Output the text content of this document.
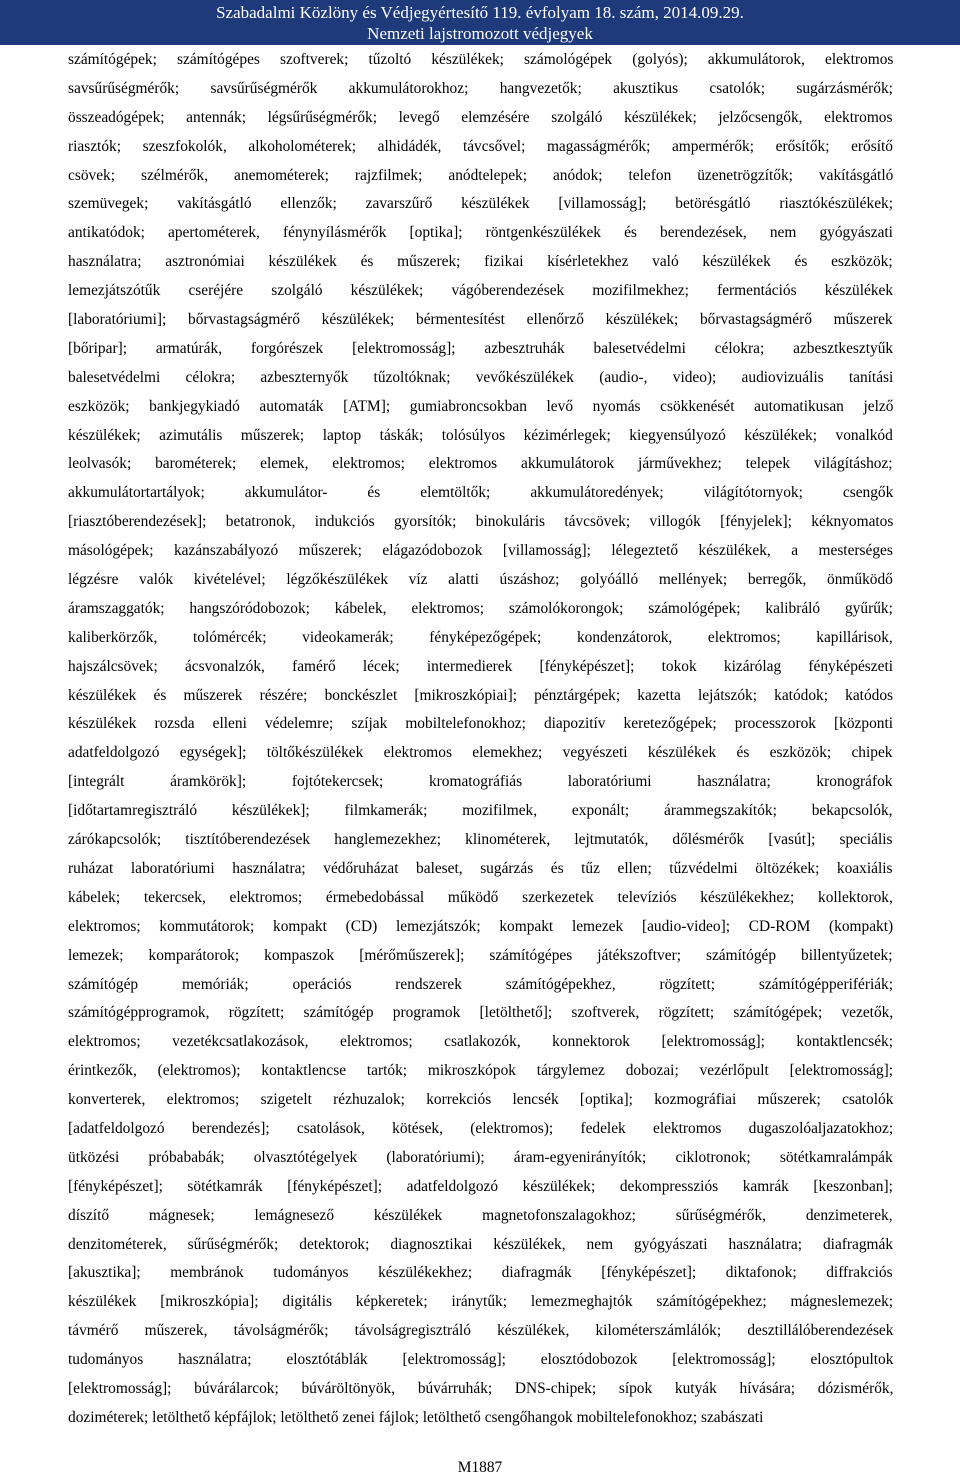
Szabadalmi Közlöny és Védjegyértesítő 119. évfolyam 18. szám, 2014.09.29.
Nemzeti lajstromozott védjegyek
számítógépek; számítógépes szoftverek; tűzoltó készülékek; számológépek (golyós); akkumulátorok, elektromos
savsűrűségmérők; savsűrűségmérők akkumulátorokhoz; hangvezetők; akusztikus csatolók; sugárzásmérők;
összeadógépek; antennák; légsűrűségmérők; levegő elemzésére szolgáló készülékek; jelzőcsengők, elektromos
riasztók; szeszfokolók, alkoholométerek; alhidádék, távcsővel; magasságmérők; ampermérők; erősítők; erősítő
csövek; szélmérők, anemométerek; rajzfilmek; anódtelepek; anódok; telefon üzenetrögzítők; vakításgátló
szemüvegek; vakításgátló ellenzők; zavarszűrő készülékek [villamosság]; betörésgátló riasztókészülékek;
antikatódok; apertométerek, fénynyílásmérők [optika]; röntgenkészülékek és berendezések, nem gyógyászati
használatra; asztronómiai készülékek és műszerek; fizikai kísérletekhez való készülékek és eszközök;
lemezjátszótűk cseréjére szolgáló készülékek; vágóberendezések mozifilmekhez; fermentációs készülékek
[laboratóriumi]; bőrvastagságmérő készülékek; bérmentesítést ellenőrző készülékek; bőrvastagságmérő műszerek
[bőripar]; armatúrák, forgórészek [elektromosság]; azbesztruhák balesetvédelmi célokra; azbesztkesztyűk
balesetvédelmi célokra; azbeszternyők tűzoltóknak; vevőkészülékek (audio-, video); audiovizuális tanítási
eszközök; bankjegykiadó automaták [ATM]; gumiabroncsokban levő nyomás csökkenését automatikusan jelző
készülékek; azimutális műszerek; laptop táskák; tolósúlyos kézimérlegek; kiegyensúlyozó készülékek; vonalkód
leolvasók; barométerek; elemek, elektromos; elektromos akkumulátorok járművekhez; telepek világításhoz;
akkumulátortartályok; akkumulátor- és elemtöltők; akkumulátoredények; világítótornyok; csengők
[riasztóberendezések]; betatronok, indukciós gyorsítók; binokuláris távcsövek; villogók [fényjelek]; kéknyomatos
másológépek; kazánszabályozó műszerek; elágazódobozok [villamosság]; lélegeztető készülékek, a mesterséges
légzésre valók kivételével; légzőkészülékek víz alatti úszáshoz; golyóálló mellények; berregők, önműködő
áramszaggatók; hangszóródobozok; kábelek, elektromos; számolókorongok; számológépek; kalibráló gyűrűk;
kaliberkörzők, tolómércék; videokamerák; fényképezőgépek; kondenzátorok, elektromos; kapillárisok,
hajszálcsövek; ácsvonalzók, famérő lécek; intermedierek [fényképészet]; tokok kizárólag fényképészeti
készülékek és műszerek részére; bonckészlet [mikroszkópiai]; pénztárgépek; kazetta lejátszók; katódok; katódos
készülékek rozsda elleni védelemre; szíjak mobiltelefonokhoz; diapozitív keretezőgépek; processzorok [központi
adatfeldolgozó egységek]; töltőkészülékek elektromos elemekhez; vegyészeti készülékek és eszközök; chipek
[integrált áramkörök]; fojtótekercsek; kromatográfiás laboratóriumi használatra; kronográfok
[időtartamregisztráló készülékek]; filmkamerák; mozifilmek, exponált; árammegszakítók; bekapcsolók,
zárókapcsolók; tisztítóberendezések hanglemezekhez; klinométerek, lejtmutatók, dőlésmérők [vasút]; speciális
ruházat laboratóriumi használatra; védőruházat baleset, sugárzás és tűz ellen; tűzvédelmi öltözékek; koaxiális
kábelek; tekercsek, elektromos; érmebedobással működő szerkezetek televíziós készülékekhez; kollektorok,
elektromos; kommutátorok; kompakt (CD) lemezjátszók; kompakt lemezek [audio-video]; CD-ROM (kompakt)
lemezek; komparátorok; kompaszok [mérőműszerek]; számítógépes játékszoftver; számítógép billentyűzetek;
számítógép memóriák; operációs rendszerek számítógépekhez, rögzített; számítógépperifériák;
számítógépprogramok, rögzített; számítógép programok [letölthető]; szoftverek, rögzített; számítógépek; vezetők,
elektromos; vezetékcsatlakozások, elektromos; csatlakozók, konnektorok [elektromosság]; kontaktlencsék;
érintkezők, (elektromos); kontaktlencse tartók; mikroszkópok tárgylemez dobozai; vezérlőpult [elektromosság];
konverterek, elektromos; szigetelt rézhuzalok; korrekciós lencsék [optika]; kozmográfiai műszerek; csatolók
[adatfeldolgozó berendezés]; csatolások, kötések, (elektromos); fedelek elektromos dugaszolóaljazatokhoz;
ütközési próbababák; olvasztótégelyek (laboratóriumi); áram-egyenirányítók; ciklotronok; sötétkamralámpák
[fényképészet]; sötétkamrák [fényképészet]; adatfeldolgozó készülékek; dekompressziós kamrák [keszonban];
díszítő mágnesek; lemágnesező készülékek magnetofonszalagokhoz; sűrűségmérők, denzimeterek,
denzitométerek, sűrűségmérők; detektorok; diagnosztikai készülékek, nem gyógyászati használatra; diafragmák
[akusztika]; membránok tudományos készülékekhez; diafragmák [fényképészet]; diktafonok; diffrakciós
készülékek [mikroszkópia]; digitális képkeretek; iránytűk; lemezmeghajtók számítógépekhez; mágneslemezek;
távmérő műszerek, távolságmérők; távolságregisztráló készülékek, kilométerszámlálók; desztillálóberendezések
tudományos használatra; elosztótáblák [elektromosság]; elosztódobozok [elektromosság]; elosztópultok
[elektromosság]; búvárálarcok; búváröltönyök, búvárruhák; DNS-chipek; sípok kutyák hívására; dózismérők,
doziméterek; letölthető képfájlok; letölthető zenei fájlok; letölthető csengőhangok mobiltelefonokhoz; szabászati
M1887
